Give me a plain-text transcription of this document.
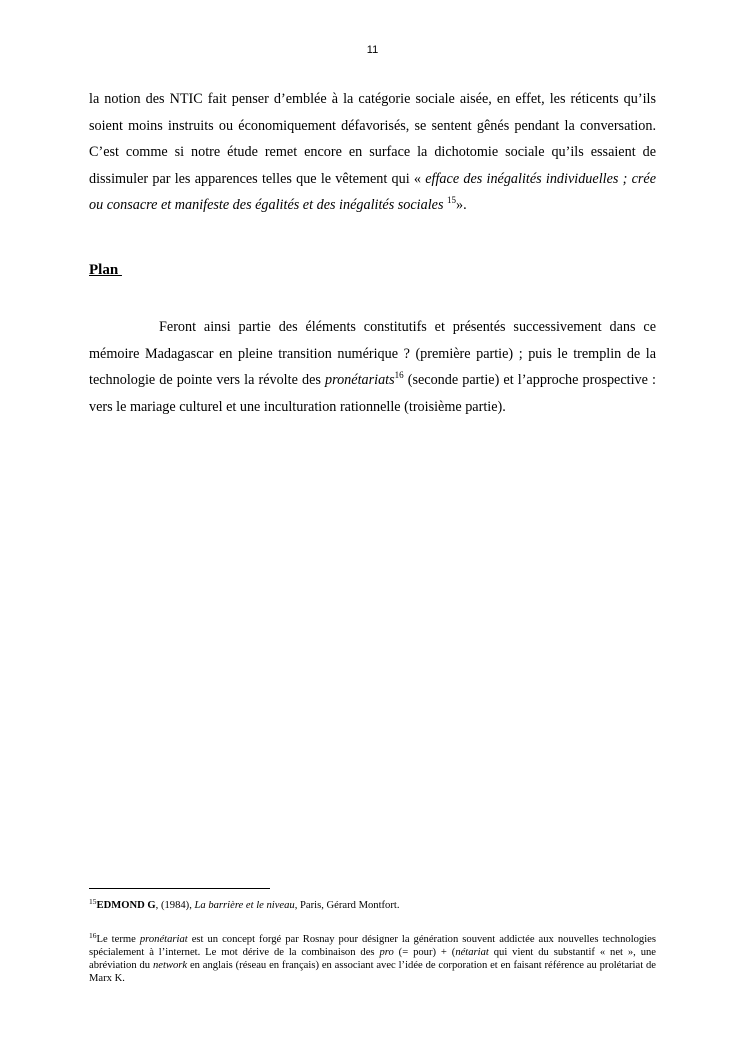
11

la notion des NTIC fait penser d’emblée à la catégorie sociale aisée, en effet, les réticents qu’ils soient moins instruits ou économiquement défavorisés, se sentent gênés pendant la conversation. C’est comme si notre étude remet encore en surface la dichotomie sociale qu’ils essaient de dissimuler par les apparences telles que le vêtement qui « efface des inégalités individuelles ; crée ou consacre et manifeste des égalités et des inégalités sociales $^{15}$».

Plan

Feront ainsi partie des éléments constitutifs et présentés successivement dans ce mémoire Madagascar en pleine transition numérique ? (première partie) ; puis le tremplin de la technologie de pointe vers la révolte des pronétariats$^{16}$ (seconde partie) et l’approche prospective : vers le mariage culturel et une inculturation rationnelle (troisième partie).

$^{15}$EDMOND G, (1984), La barrière et le niveau, Paris, Gérard Montfort.

$^{16}$Le terme pronétariat est un concept forgé par Rosnay pour désigner la génération souvent addictée aux nouvelles technologies spécialement à l’internet. Le mot dérive de la combinaison des pro (= pour) + (nétariat qui vient du substantif « net », une abréviation du network en anglais (réseau en français) en associant avec l’idée de corporation et en faisant référence au prolétariat de Marx K.
